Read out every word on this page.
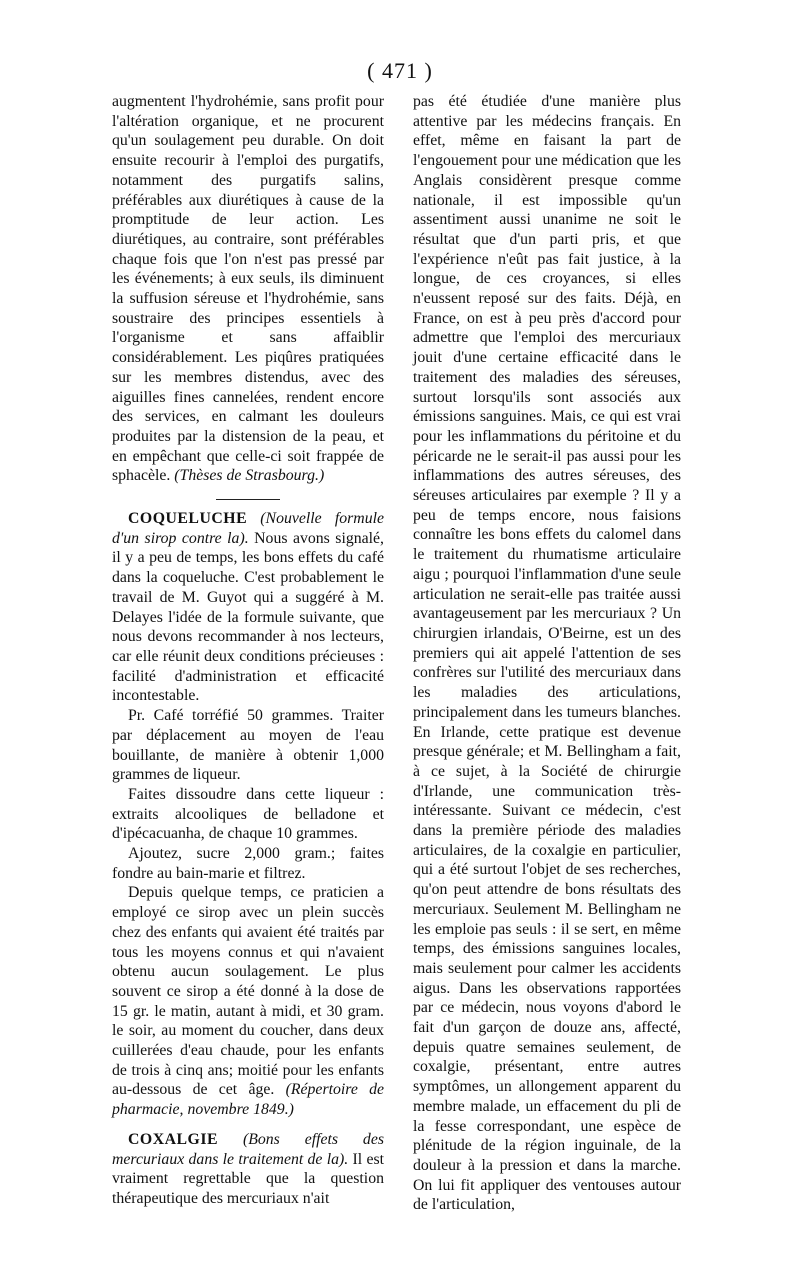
( 471 )

augmentent l'hydrohémie, sans profit pour l'altération organique, et ne procurent qu'un soulagement peu durable. On doit ensuite recourir à l'emploi des purgatifs, notamment des purgatifs salins, préférables aux diurétiques à cause de la promptitude de leur action. Les diurétiques, au contraire, sont préférables chaque fois que l'on n'est pas pressé par les événements; à eux seuls, ils diminuent la suffusion séreuse et l'hydrohémie, sans soustraire des principes essentiels à l'organisme et sans affaiblir considérablement. Les piqûres pratiquées sur les membres distendus, avec des aiguilles fines cannelées, rendent encore des services, en calmant les douleurs produites par la distension de la peau, et en empêchant que celle-ci soit frappée de sphacèle. (Thèses de Strasbourg.)

COQUELUCHE (Nouvelle formule d'un sirop contre la). Nous avons signalé, il y a peu de temps, les bons effets du café dans la coqueluche. C'est probablement le travail de M. Guyot qui a suggéré à M. Delayes l'idée de la formule suivante, que nous devons recommander à nos lecteurs, car elle réunit deux conditions précieuses : facilité d'administration et efficacité incontestable.

Pr. Café torréfié 50 grammes. Traiter par déplacement au moyen de l'eau bouillante, de manière à obtenir 1,000 grammes de liqueur.

Faites dissoudre dans cette liqueur : extraits alcooliques de belladone et d'ipécacuanha, de chaque 10 grammes.

Ajoutez, sucre 2,000 gram.; faites fondre au bain-marie et filtrez.

Depuis quelque temps, ce praticien a employé ce sirop avec un plein succès chez des enfants qui avaient été traités par tous les moyens connus et qui n'avaient obtenu aucun soulagement. Le plus souvent ce sirop a été donné à la dose de 15 gr. le matin, autant à midi, et 30 gram. le soir, au moment du coucher, dans deux cuillerées d'eau chaude, pour les enfants de trois à cinq ans; moitié pour les enfants au-dessous de cet âge. (Répertoire de pharmacie, novembre 1849.)

COXALGIE (Bons effets des mercuriaux dans le traitement de la). Il est vraiment regrettable que la question thérapeutique des mercuriaux n'ait

pas été étudiée d'une manière plus attentive par les médecins français. En effet, même en faisant la part de l'engouement pour une médication que les Anglais considèrent presque comme nationale, il est impossible qu'un assentiment aussi unanime ne soit le résultat que d'un parti pris, et que l'expérience n'eût pas fait justice, à la longue, de ces croyances, si elles n'eussent reposé sur des faits. Déjà, en France, on est à peu près d'accord pour admettre que l'emploi des mercuriaux jouit d'une certaine efficacité dans le traitement des maladies des séreuses, surtout lorsqu'ils sont associés aux émissions sanguines. Mais, ce qui est vrai pour les inflammations du péritoine et du péricarde ne le serait-il pas aussi pour les inflammations des autres séreuses, des séreuses articulaires par exemple ? Il y a peu de temps encore, nous faisions connaître les bons effets du calomel dans le traitement du rhumatisme articulaire aigu ; pourquoi l'inflammation d'une seule articulation ne serait-elle pas traitée aussi avantageusement par les mercuriaux ? Un chirurgien irlandais, O'Beirne, est un des premiers qui ait appelé l'attention de ses confrères sur l'utilité des mercuriaux dans les maladies des articulations, principalement dans les tumeurs blanches. En Irlande, cette pratique est devenue presque générale; et M. Bellingham a fait, à ce sujet, à la Société de chirurgie d'Irlande, une communication très-intéressante. Suivant ce médecin, c'est dans la première période des maladies articulaires, de la coxalgie en particulier, qui a été surtout l'objet de ses recherches, qu'on peut attendre de bons résultats des mercuriaux. Seulement M. Bellingham ne les emploie pas seuls : il se sert, en même temps, des émissions sanguines locales, mais seulement pour calmer les accidents aigus. Dans les observations rapportées par ce médecin, nous voyons d'abord le fait d'un garçon de douze ans, affecté, depuis quatre semaines seulement, de coxalgie, présentant, entre autres symptômes, un allongement apparent du membre malade, un effacement du pli de la fesse correspondant, une espèce de plénitude de la région inguinale, de la douleur à la pression et dans la marche. On lui fit appliquer des ventouses autour de l'articulation,
